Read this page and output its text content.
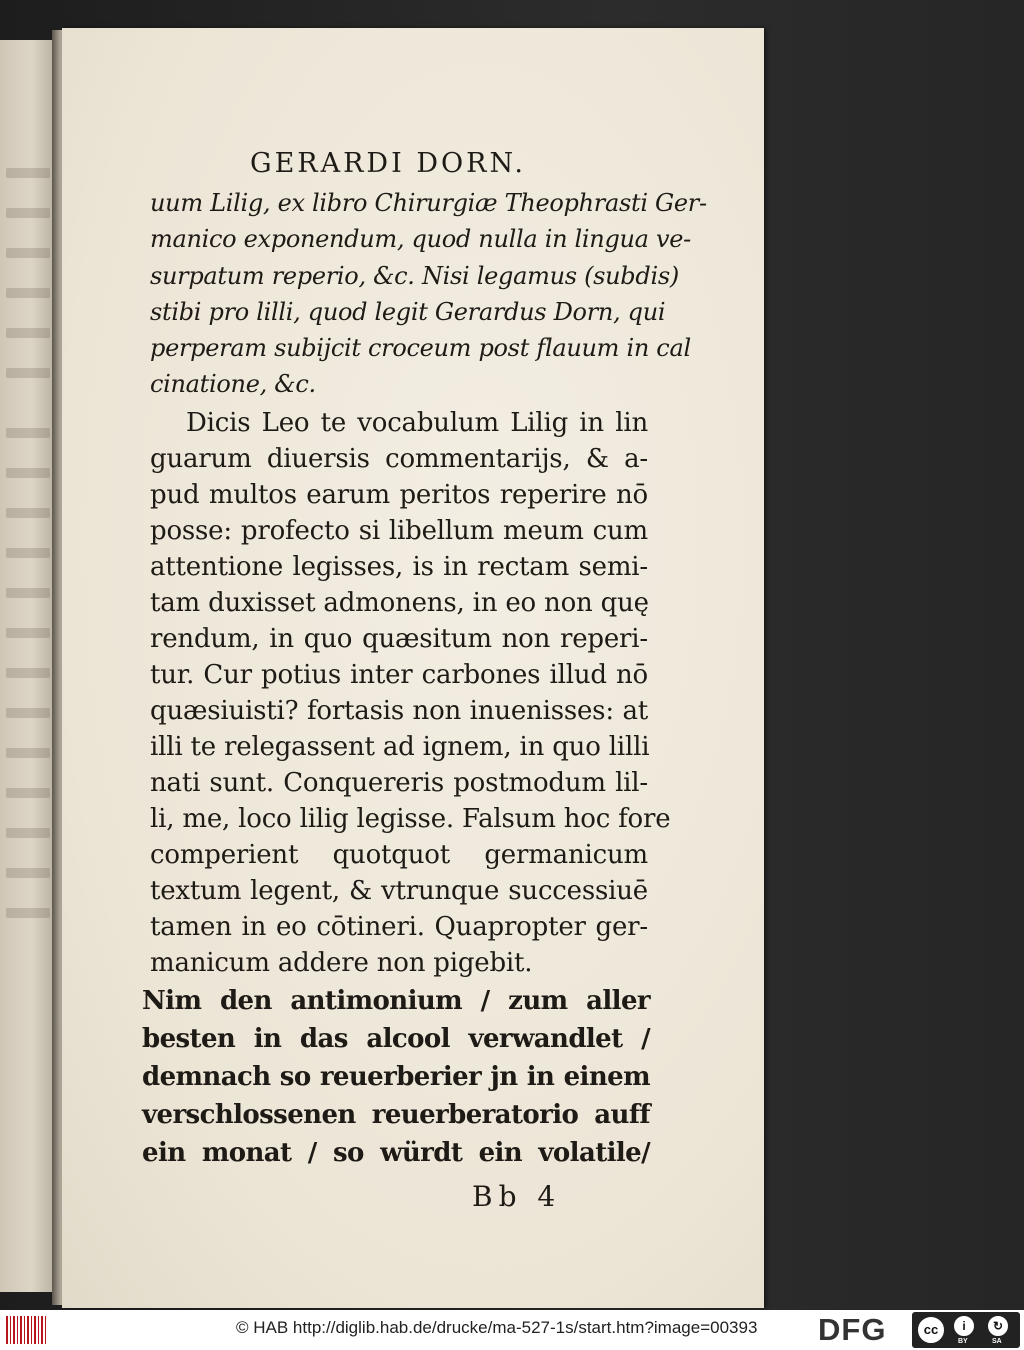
GERARDI DORN.
uum Lilig, ex libro Chirurgiæ Theophrasti Ger-
manico exponendum, quod nulla in lingua ve-
surpatum reperio, &c. Nisi legamus (subdis)
stibi pro lilli, quod legit Gerardus Dorn, qui
perperam subijcit croceum post flauum in cal
cinatione, &c.
Dicis Leo te vocabulum Lilig in lin
guarum diuersis commentarijs, & a-
pud multos earum peritos reperire nō
posse: profecto si libellum meum cum
attentione legisses, is in rectam semi-
tam duxisset admonens, in eo non quę
rendum, in quo quæsitum non reperi-
tur. Cur potius inter carbones illud nō
quæsiuisti? fortasis non inuenisses: at
illi te relegassent ad ignem, in quo lilli
nati sunt. Conquereris postmodum lil-
li, me, loco lilig legisse. Falsum hoc fore
comperient quotquot germanicum
textum legent, & vtrunque successiuē
tamen in eo cōtineri. Quapropter ger-
manicum addere non pigebit.
Nim den antimonium / zum aller
besten in das alcool verwandlet /
demnach so reuerberier jn in einem
verschlossenen reuerberatorio auff
ein monat / so würdt ein volatile/
Bb 4
© HAB http://diglib.hab.de/drucke/ma-527-1s/start.htm?image=00393	DFG	cc	i	↻
BY	SA
